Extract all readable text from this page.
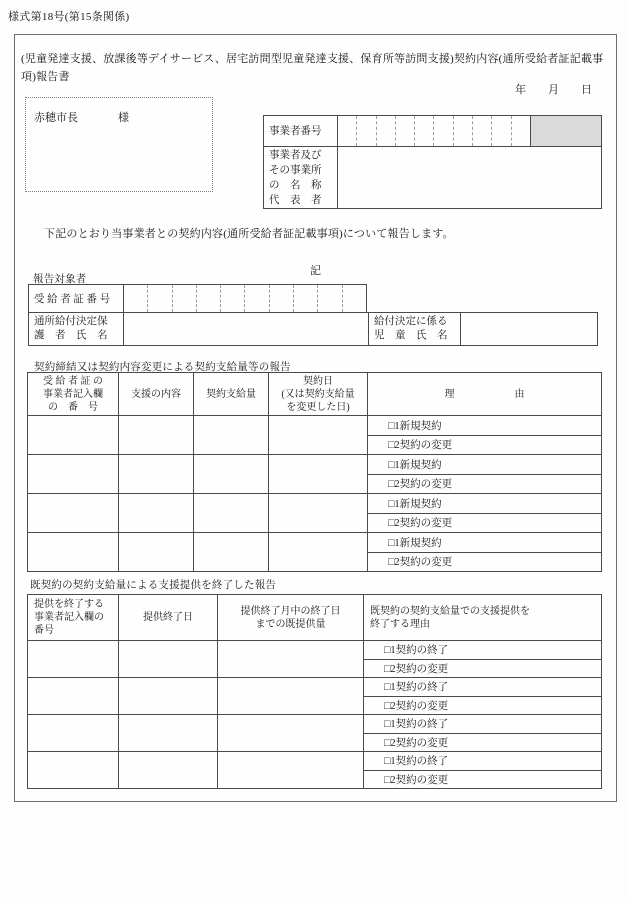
様式第18号(第15条関係)
(児童発達支援、放課後等デイサービス、居宅訪問型児童発達支援、保育所等訪問支援)契約内容(通所受給者証記載事項)報告書
年　　月　　日
赤穂市長	様
事業者番号
事業者及び
その事業所
の　名　称
代　表　者
下記のとおり当事業者との契約内容(通所受給者証記載事項)について報告します。
記
報告対象者
受 給 者 証 番 号
通所給付決定保
護　者　氏　名
給付決定に係る
児　童　氏　名
契約締結又は契約内容変更による契約支給量等の報告
受 給 者 証 の
事業者記入欄
の　番　号
支援の内容	契約支給量
契約日
(又は契約支給量
を変更した日)
理　　　　　　由
□1新規契約
□2契約の変更
□1新規契約
□2契約の変更
□1新規契約
□2契約の変更
□1新規契約
□2契約の変更
既契約の契約支給量による支援提供を終了した報告
提供を終了する
事業者記入欄の
番号
提供終了日
提供終了月中の終了日
までの既提供量
既契約の契約支給量での支援提供を
終了する理由
□1契約の終了
□2契約の変更
□1契約の終了
□2契約の変更
□1契約の終了
□2契約の変更
□1契約の終了
□2契約の変更
